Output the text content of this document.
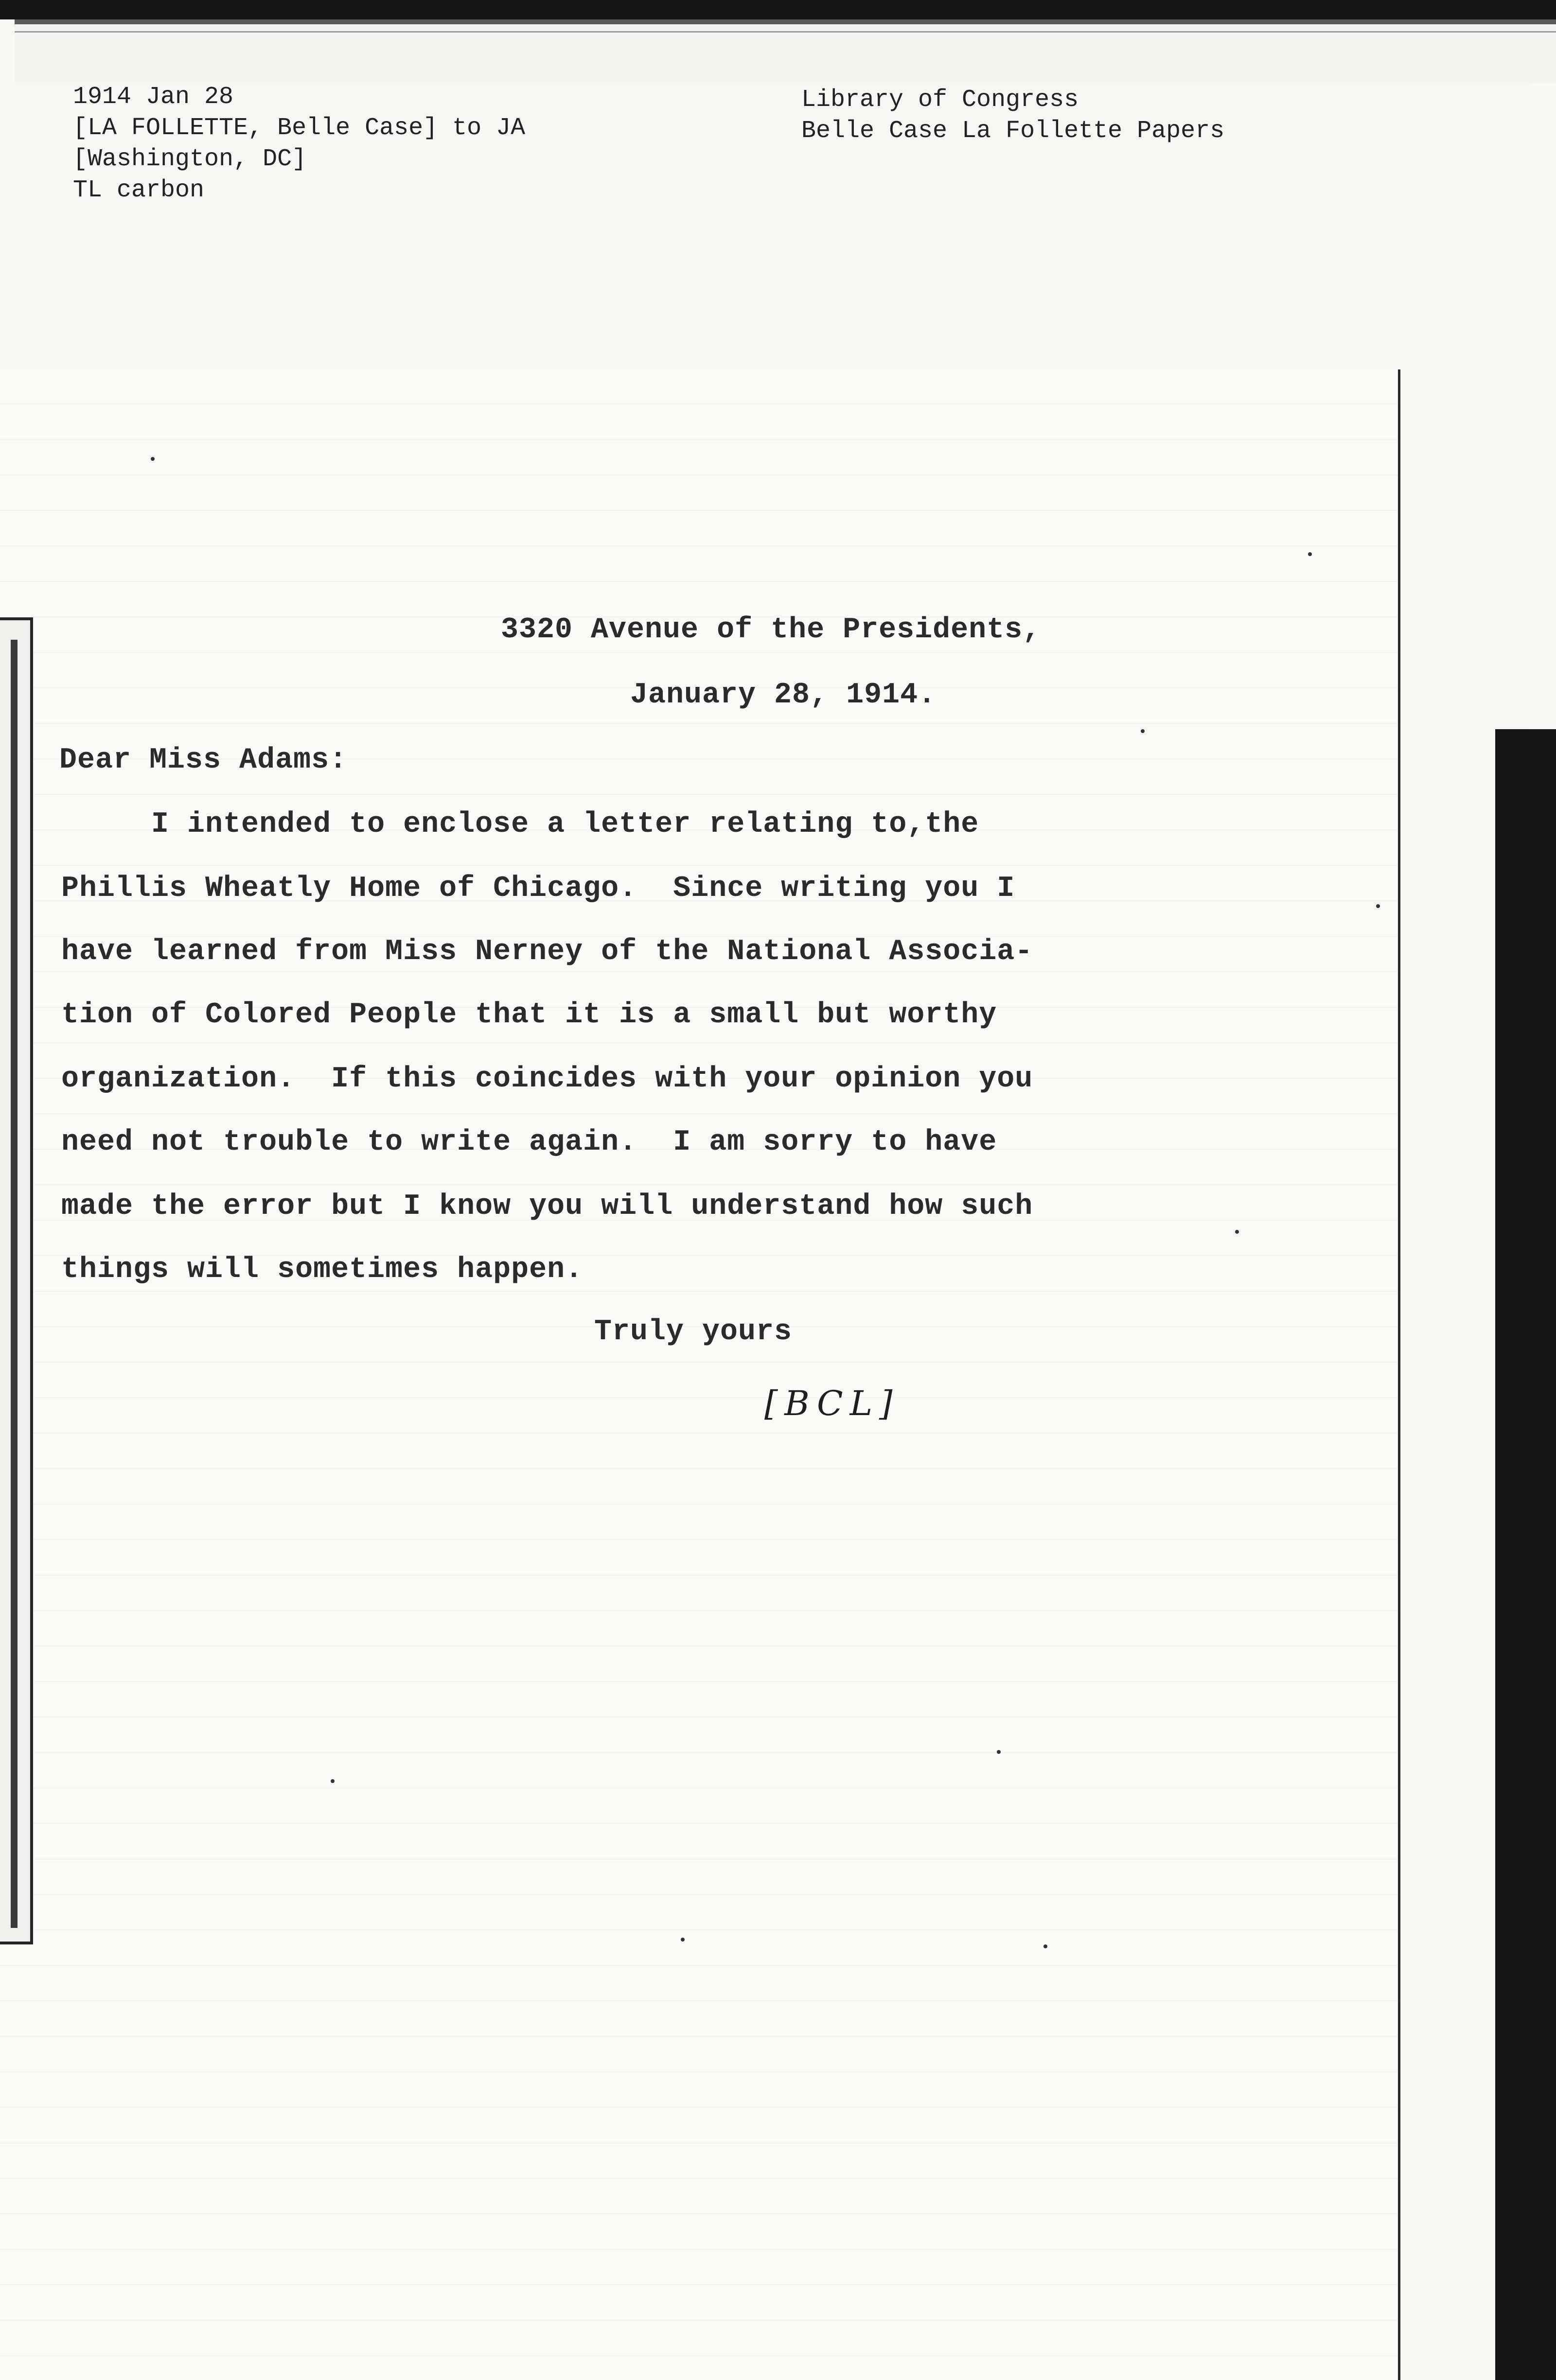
1914 Jan 28
[LA FOLLETTE, Belle Case] to JA
[Washington, DC]
TL carbon
Library of Congress
Belle Case La Follette Papers
3320 Avenue of the Presidents,
January 28, 1914.
Dear Miss Adams:
I intended to enclose a letter relating to,the
Phillis Wheatly Home of Chicago.  Since writing you I
have learned from Miss Nerney of the National Associa-
tion of Colored People that it is a small but worthy
organization.  If this coincides with your opinion you
need not trouble to write again.  I am sorry to have
made the error but I know you will understand how such
things will sometimes happen.
Truly yours
[BCL]
